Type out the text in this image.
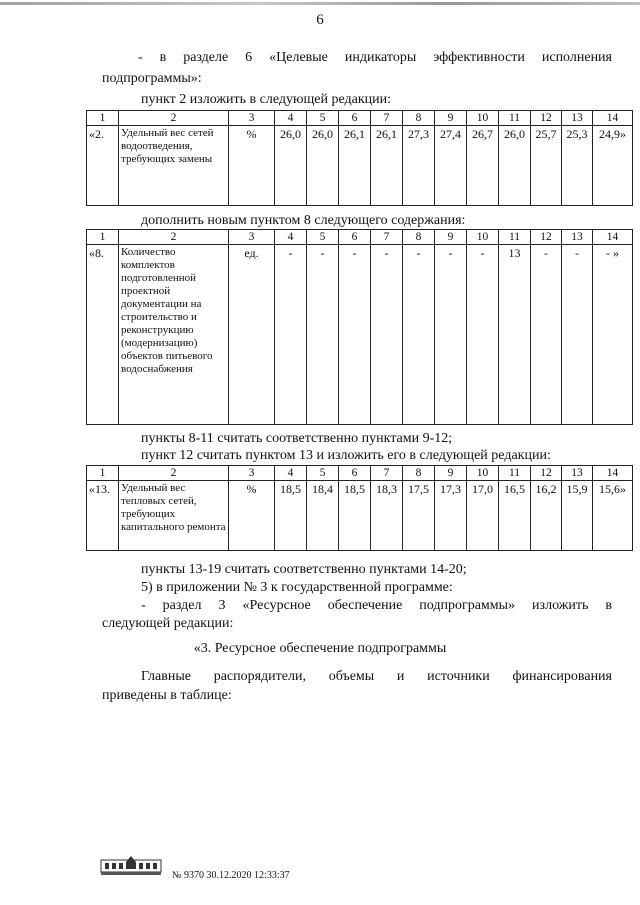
6
- в разделе 6 «Целевые индикаторы эффективности исполнения
подпрограммы»:
пункт 2 изложить в следующей редакции:
1	2	3	4	5	6	7	8	9	10	11	12	13	14
«2.	Удельный вес сетей водоотведения, требующих замены	%	26,0	26,0	26,1	26,1	27,3	27,4	26,7	26,0	25,7	25,3	24,9»
дополнить новым пунктом 8 следующего содержания:
1	2	3	4	5	6	7	8	9	10	11	12	13	14
«8.	Количество комплектов подготовленной проектной документации на строительство и реконструкцию (модернизацию) объектов питьевого водоснабжения	ед.	-	-	-	-	-	-	-	13	-	-	- »
пункты 8-11 считать соответственно пунктами 9-12;
пункт 12 считать пунктом 13 и изложить его в следующей редакции:
1	2	3	4	5	6	7	8	9	10	11	12	13	14
«13.	Удельный вес тепловых сетей, требующих капитального ремонта	%	18,5	18,4	18,5	18,3	17,5	17,3	17,0	16,5	16,2	15,9	15,6»
пункты 13-19 считать соответственно пунктами 14-20;
5) в приложении № 3 к государственной программе:
- раздел 3 «Ресурсное обеспечение подпрограммы» изложить в
следующей редакции:
«3. Ресурсное обеспечение подпрограммы
Главные распорядители, объемы и источники финансирования
приведены в таблице:
№ 9370 30.12.2020 12:33:37
